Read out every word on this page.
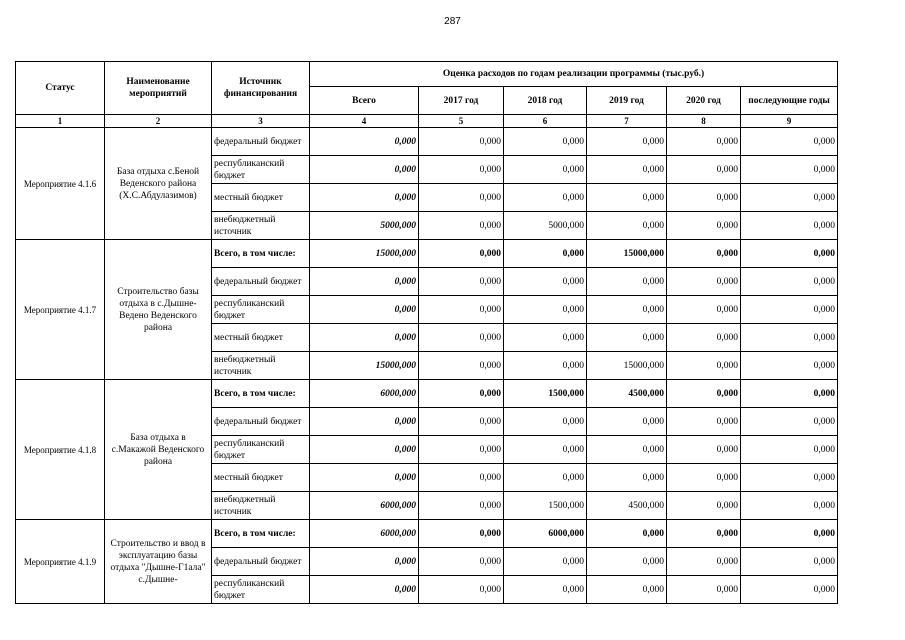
287
Статус	Наименование мероприятий	Источник финансирования	Оценка расходов по годам реализации программы (тыс.руб.)					
			Всего	2017 год	2018 год	2019 год	2020 год	последующие годы
1	2	3	4	5	6	7	8	9
Мероприятие 4.1.6	База отдыха с.Беной Веденского района (Х.С.Абдулазимов)	федеральный бюджет	0,000	0,000	0,000	0,000	0,000	0,000
		республиканский бюджет	0,000	0,000	0,000	0,000	0,000	0,000
		местный бюджет	0,000	0,000	0,000	0,000	0,000	0,000
		внебюджетный источник	5000,000	0,000	5000,000	0,000	0,000	0,000
Мероприятие 4.1.7	Строительство базы отдыха в с.Дышне-Ведено Веденского района	Всего, в том числе:	15000,000	0,000	0,000	15000,000	0,000	0,000
		федеральный бюджет	0,000	0,000	0,000	0,000	0,000	0,000
		республиканский бюджет	0,000	0,000	0,000	0,000	0,000	0,000
		местный бюджет	0,000	0,000	0,000	0,000	0,000	0,000
		внебюджетный источник	15000,000	0,000	0,000	15000,000	0,000	0,000
Мероприятие 4.1.8	База отдыха в с.Макажой Веденского района	Всего, в том числе:	6000,000	0,000	1500,000	4500,000	0,000	0,000
		федеральный бюджет	0,000	0,000	0,000	0,000	0,000	0,000
		республиканский бюджет	0,000	0,000	0,000	0,000	0,000	0,000
		местный бюджет	0,000	0,000	0,000	0,000	0,000	0,000
		внебюджетный источник	6000,000	0,000	1500,000	4500,000	0,000	0,000
Мероприятие 4.1.9	Строительство и ввод в эксплуатацию базы отдыха "Дышне-Г1ала" с.Дышне-	Всего, в том числе:	6000,000	0,000	6000,000	0,000	0,000	0,000
		федеральный бюджет	0,000	0,000	0,000	0,000	0,000	0,000
		республиканский бюджет	0,000	0,000	0,000	0,000	0,000	0,000
